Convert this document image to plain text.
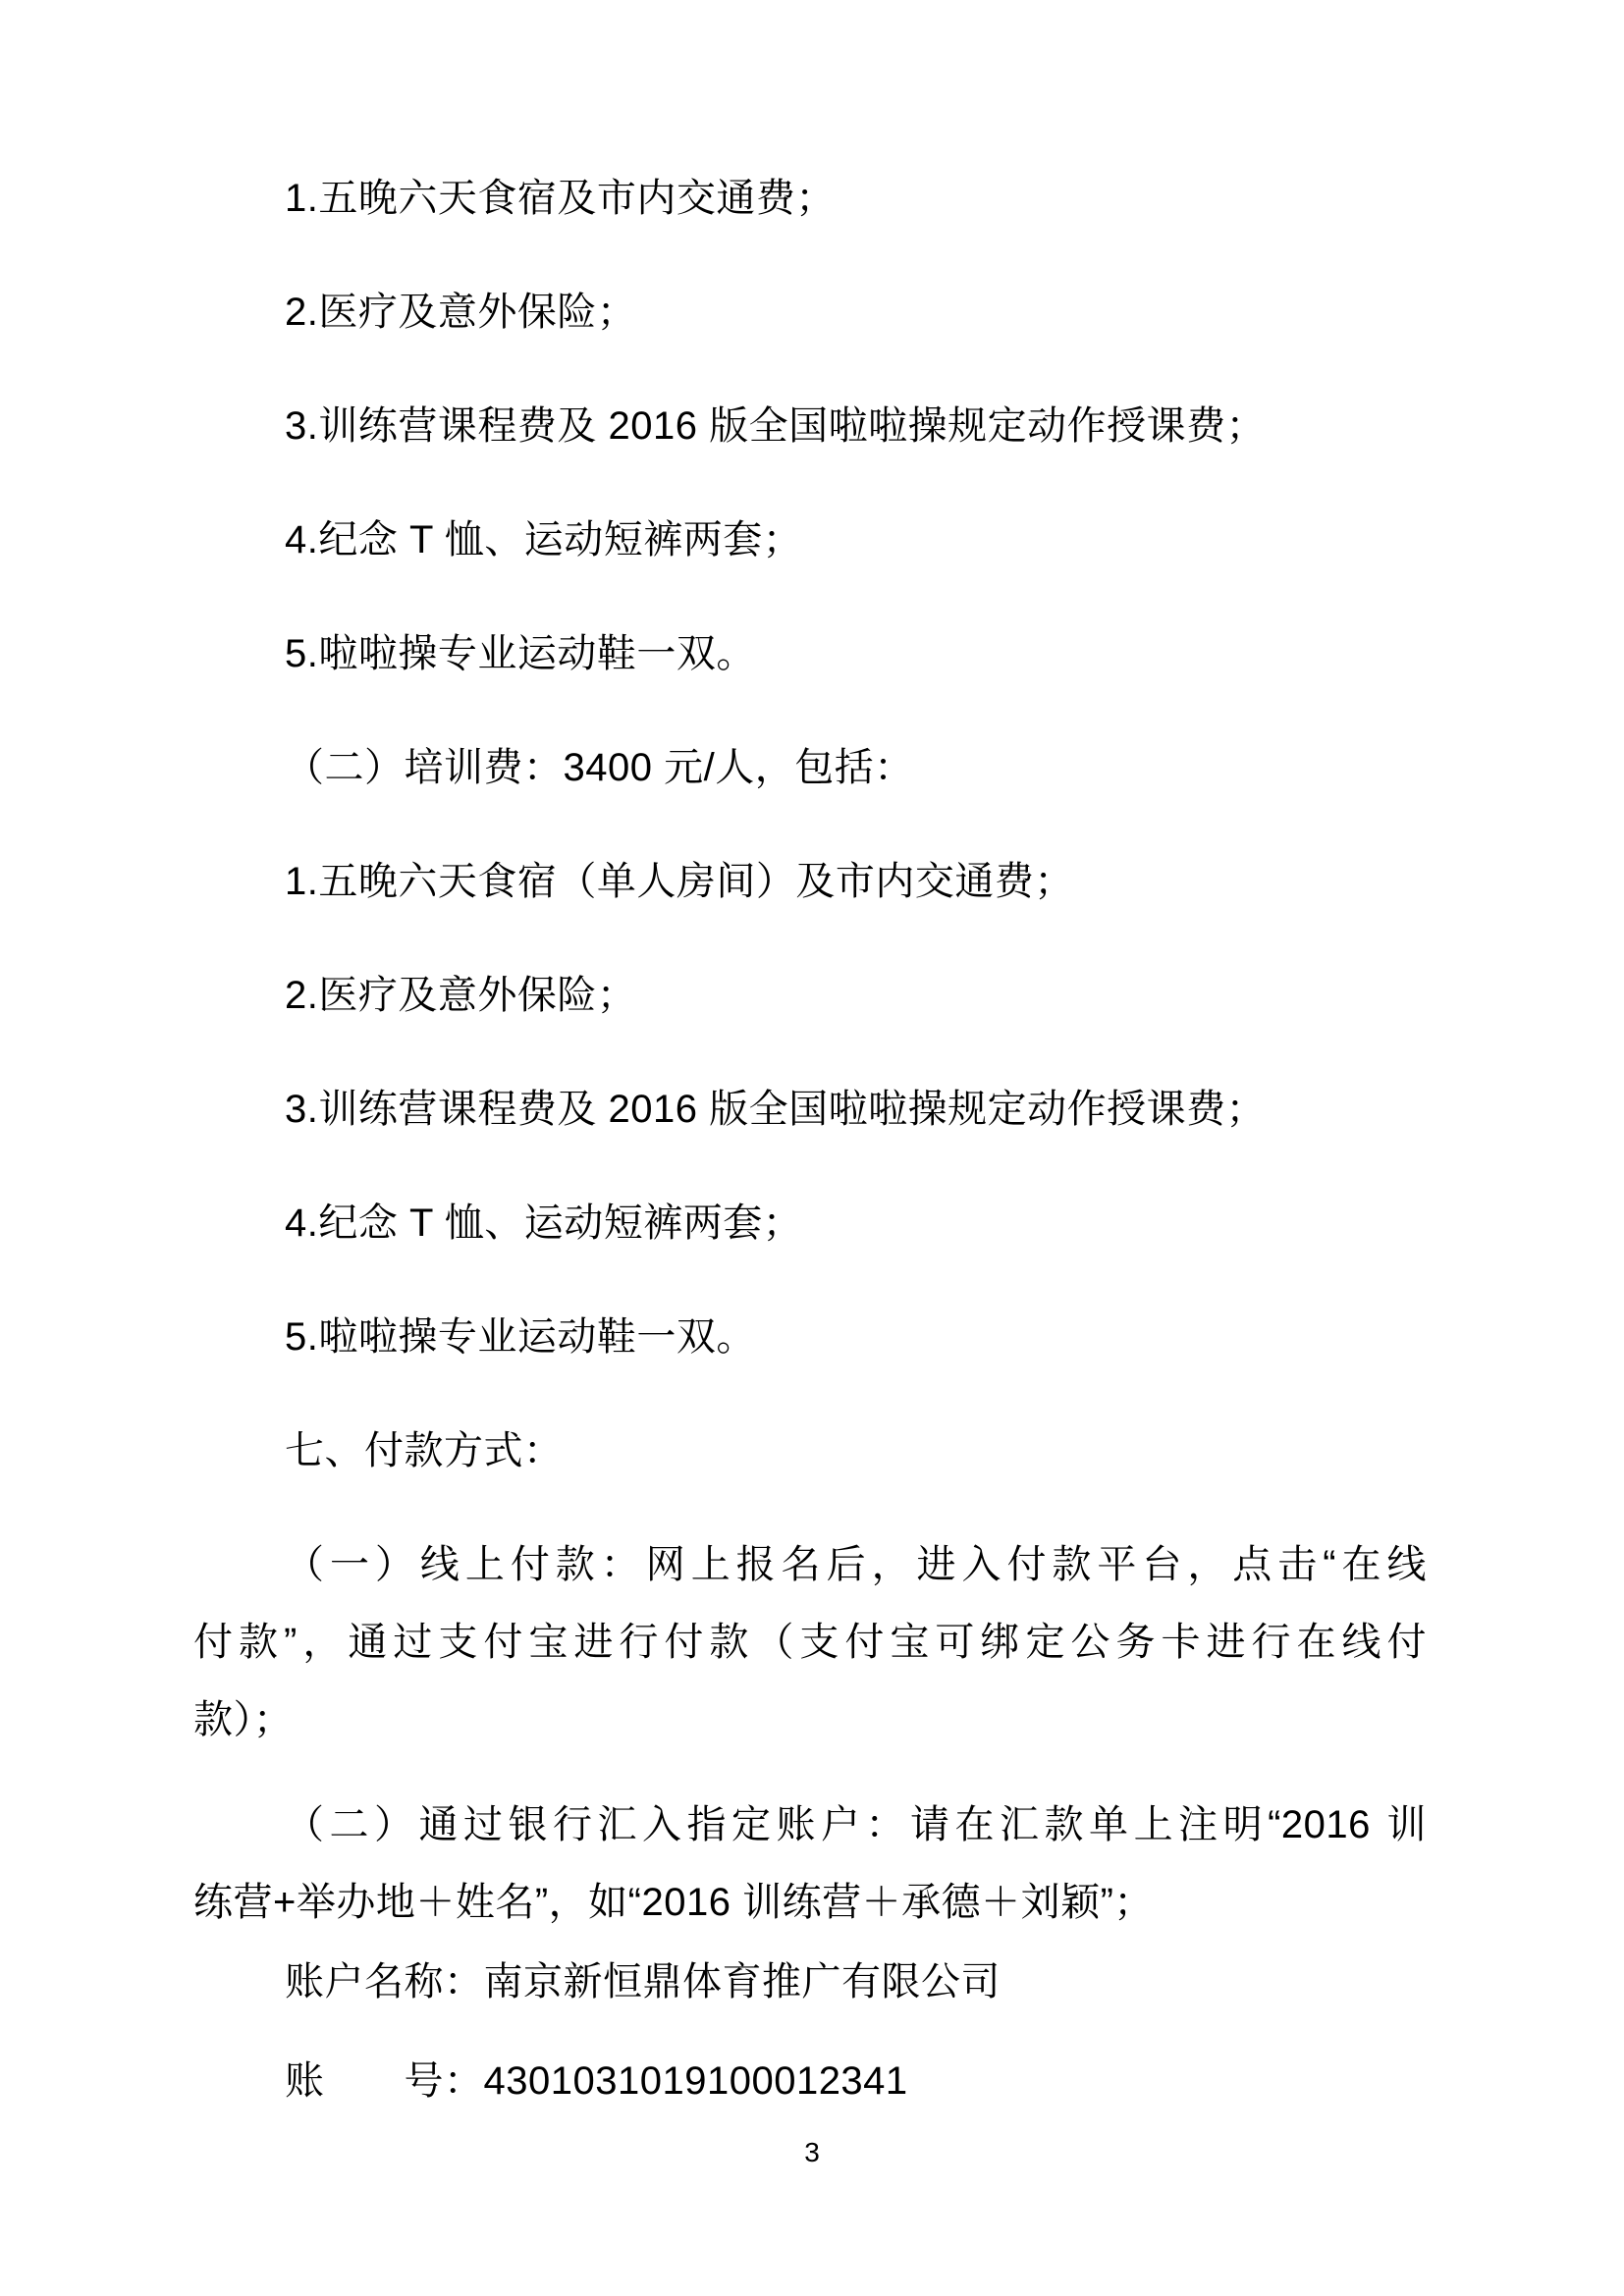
1.五晚六天食宿及市内交通费；
2.医疗及意外保险；
3.训练营课程费及 2016 版全国啦啦操规定动作授课费；
4.纪念 T 恤、运动短裤两套；
5.啦啦操专业运动鞋一双。
（二）培训费：3400 元/人，包括：
1.五晚六天食宿（单人房间）及市内交通费；
2.医疗及意外保险；
3.训练营课程费及 2016 版全国啦啦操规定动作授课费；
4.纪念 T 恤、运动短裤两套；
5.啦啦操专业运动鞋一双。
七、付款方式：
（一）线上付款：网上报名后，进入付款平台，点击“在线
付款”，通过支付宝进行付款（支付宝可绑定公务卡进行在线付
款）；
（二）通过银行汇入指定账户：请在汇款单上注明“2016 训
练营+举办地＋姓名”，如“2016 训练营＋承德＋刘颖”；
账户名称：南京新恒鼎体育推广有限公司
账　　号：4301031019100012341
3
